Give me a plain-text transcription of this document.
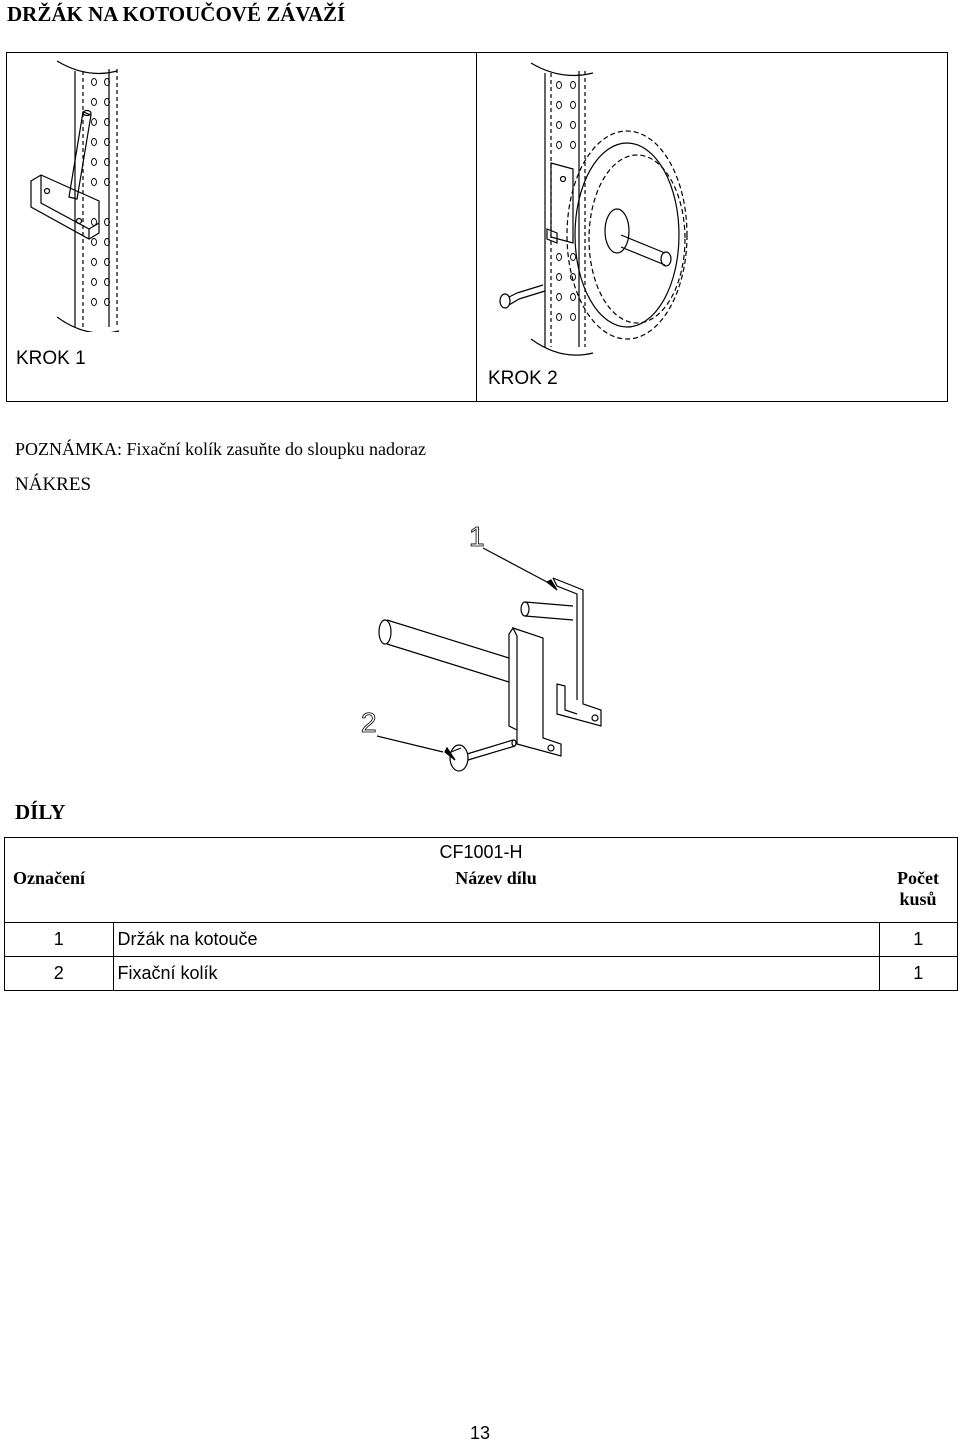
DRŽÁK NA KOTOUČOVÉ ZÁVAŽÍ
KROK 1
KROK 2
POZNÁMKA: Fixační kolík zasuňte do sloupku nadoraz
NÁKRES
1
2
DÍLY
CF1001-H		
Označení	Název dílu	Počet kusů
1	Držák na kotouče	1
2	Fixační kolík	1
13
